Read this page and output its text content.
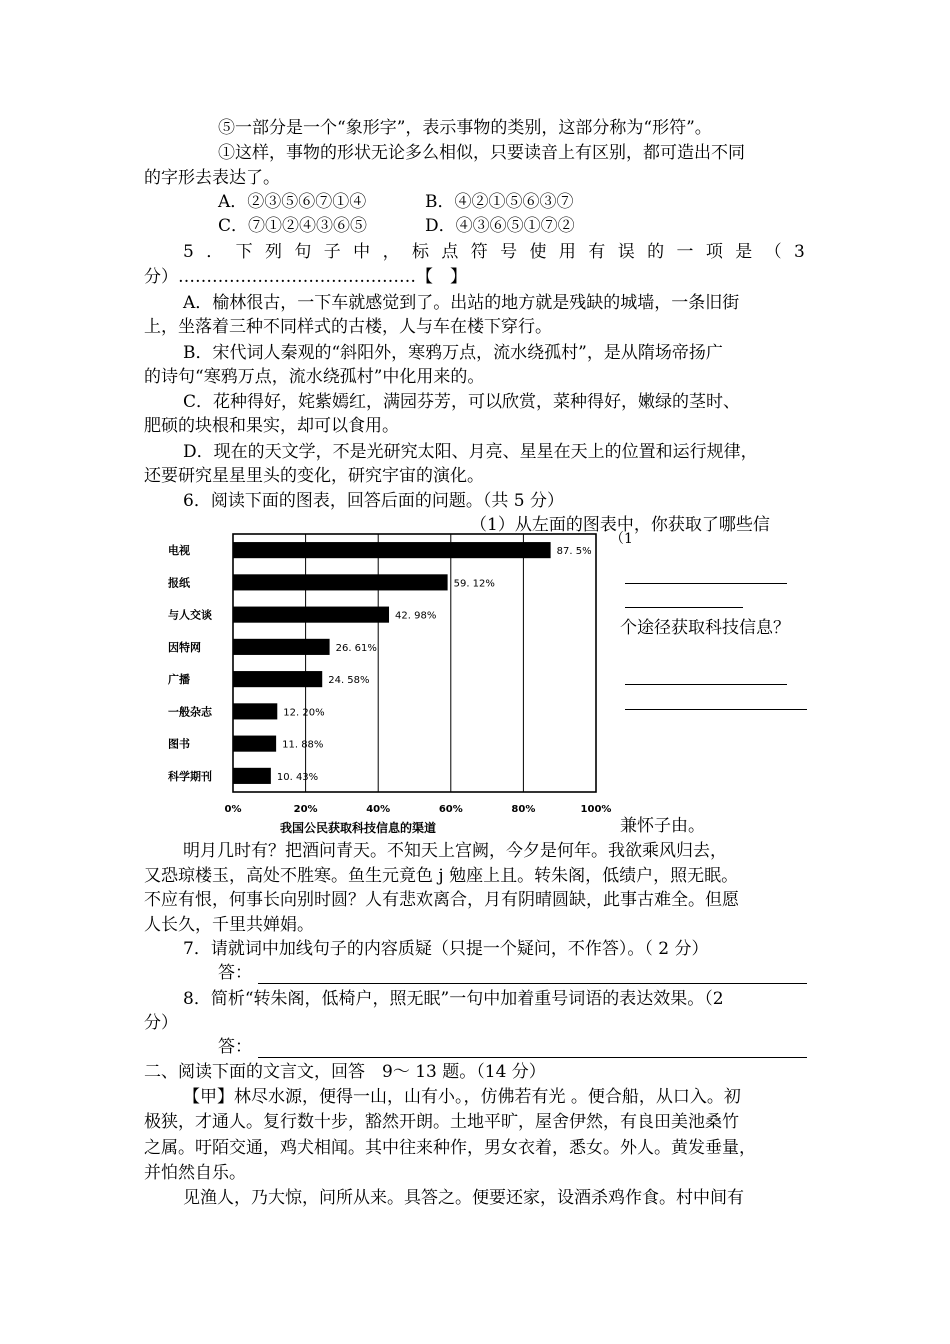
⑤一部分是一个“象形字”，表示事物的类别，这部分称为“形符”。
①这样，事物的形状无论多么相似，只要读音上有区别，都可造出不同
的字形去表达了。
A．②③⑤⑥⑦①④	B．④②①⑤⑥③⑦
C．⑦①②④③⑥⑤	D．④③⑥⑤①⑦②
5 ． 下 列 句 子 中 ， 标 点 符 号 使 用 有 误 的 一 项 是 （ 3
分）……………………………………【　】
A．榆林很古，一下车就感觉到了。出站的地方就是残缺的城墙，一条旧街
上，坐落着三种不同样式的古楼，人与车在楼下穿行。
B．宋代词人秦观的“斜阳外，寒鸦万点，流水绕孤村”，是从隋场帝扬广
的诗句“寒鸦万点，流水绕孤村”中化用来的。
C．花种得好，姹紫嫣红，满园芬芳，可以欣赏，菜种得好，嫩绿的茎时、
肥硕的块根和果实，却可以食用。
D．现在的天文学，不是光研究太阳、月亮、星星在天上的位置和运行规律，
还要研究星星里头的变化，研究宇宙的演化。
6．阅读下面的图表，回答后面的问题。（共 5 分）
（1）从左面的图表中，你获取了哪些信
（1
个途径获取科技信息？
电视
报纸
与人交谈
因特网
广播
一般杂志
图书
科学期刊
87. 5%
59. 12%
42. 98%
26. 61%
24. 58%
12. 20%
11. 88%
10. 43%
0%	20%	40%	60%	80%	100%
我国公民获取科技信息的渠道	兼怀子由。
明月几时有？把酒问青天。不知天上宫阙，今夕是何年。我欲乘风归去，
又恐琼楼玉，高处不胜寒。鱼生元竟色 j 勉座上且。转朱阁，低绩户，照无眠。
不应有恨，何事长向别时圆？人有悲欢离合，月有阴晴圆缺，此事古难全。但愿
人长久，千里共婵娟。
7．请就词中加线句子的内容质疑（只提一个疑问，不作答）。（ 2 分）
答：
8．简析“转朱阁，低椅户，照无眠”一句中加着重号词语的表达效果。（2
分）
答：
二、阅读下面的文言文，回答　9～ 13 题。（14 分）
【甲】林尽水源，便得一山，山有小。，仿佛若有光 。便合船，从口入。初
极狭，才通人。复行数十步，豁然开朗。土地平旷，屋舍伊然，有良田美池桑竹
之属。吁陌交通，鸡犬相闻。其中往来种作，男女衣着，悉女。外人。黄发垂量，
并怕然自乐。
见渔人，乃大惊，问所从来。具答之。便要还家，设酒杀鸡作食。村中间有
